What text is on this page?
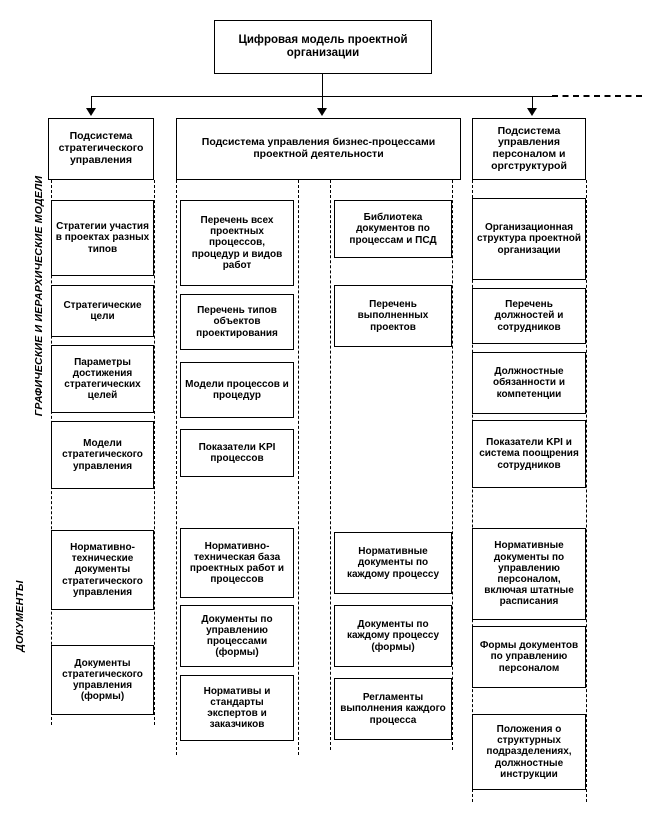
Цифровая модель проектной организации
Подсистема стратегического управления
Подсистема управления бизнес-процессами проектной деятельности
Подсистема управления персоналом и оргструктурой
ГРАФИЧЕСКИЕ И ИЕРАРХИЧЕСКИЕ МОДЕЛИ
ДОКУМЕНТЫ
Стратегии участия в проектах разных типов
Стратегические цели
Параметры достижения стратегических целей
Модели стратегического управления
Нормативно-технические документы стратегического управления
Документы стратегического управления (формы)
Перечень всех проектных процессов, процедур и видов работ
Перечень типов объектов проектирования
Модели процессов и процедур
Показатели KPI процессов
Нормативно-техническая база проектных работ и процессов
Документы по управлению процессами (формы)
Нормативы и стандарты экспертов и заказчиков
Библиотека документов по процессам и ПСД
Перечень выполненных проектов
Нормативные документы по каждому процессу
Документы по каждому процессу (формы)
Регламенты выполнения каждого процесса
Организационная структура проектной организации
Перечень должностей и сотрудников
Должностные обязанности и компетенции
Показатели KPI и система поощрения сотрудников
Нормативные документы по управлению персоналом, включая штатные расписания
Формы документов по управлению персоналом
Положения о структурных подразделениях, должностные инструкции
